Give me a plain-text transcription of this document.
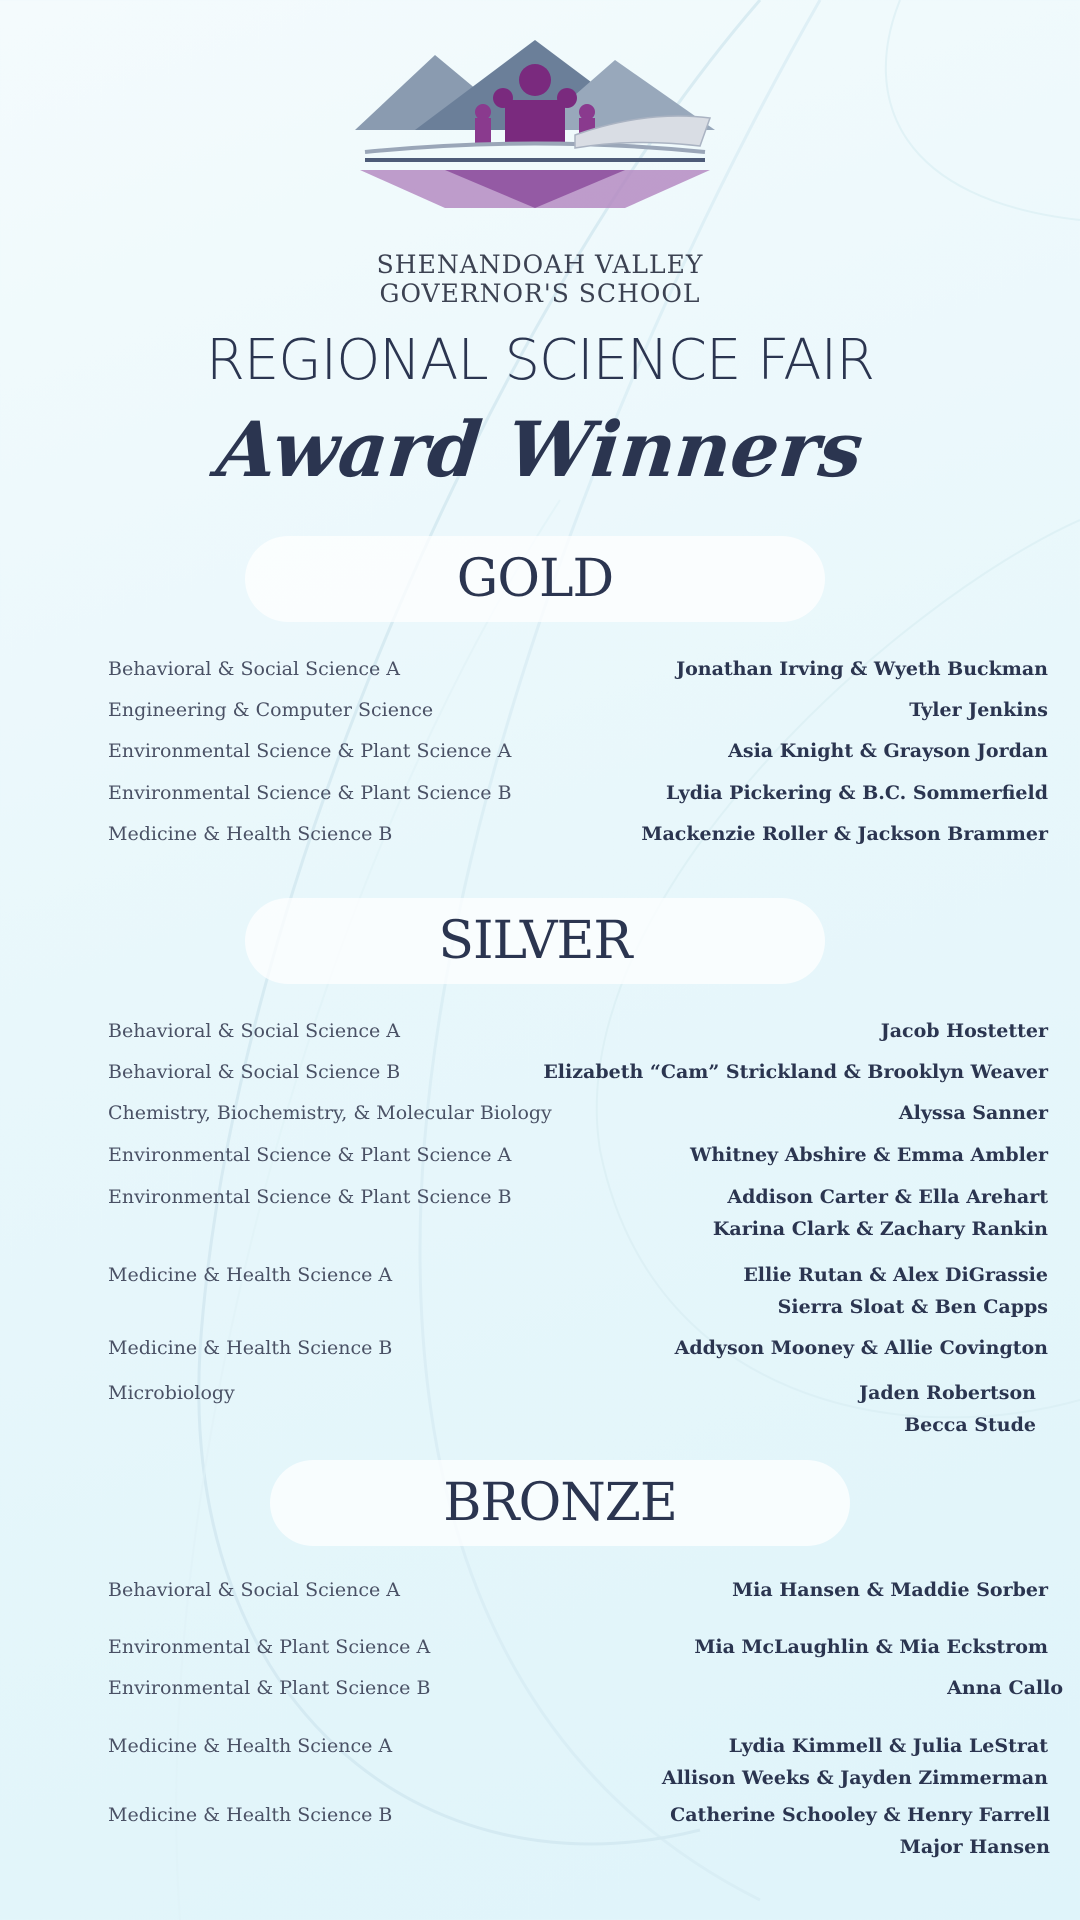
SHENANDOAH VALLEY
GOVERNOR'S SCHOOL
REGIONAL SCIENCE FAIR
Award Winners
GOLD
Behavioral & Social Science A	Jonathan Irving & Wyeth Buckman
Engineering & Computer Science	Tyler Jenkins
Environmental Science & Plant Science A	Asia Knight & Grayson Jordan
Environmental Science & Plant Science B	Lydia Pickering & B.C. Sommerfield
Medicine & Health Science B	Mackenzie Roller & Jackson Brammer
SILVER
Behavioral & Social Science A	Jacob Hostetter
Behavioral & Social Science B	Elizabeth “Cam” Strickland & Brooklyn Weaver
Chemistry, Biochemistry, & Molecular Biology	Alyssa Sanner
Environmental Science & Plant Science A	Whitney Abshire & Emma Ambler
Environmental Science & Plant Science B	Addison Carter & Ella Arehart
Karina Clark & Zachary Rankin
Medicine & Health Science A	Ellie Rutan & Alex DiGrassie
Sierra Sloat & Ben Capps
Medicine & Health Science B	Addyson Mooney & Allie Covington
Microbiology	Jaden Robertson
Becca Stude
BRONZE
Behavioral & Social Science A	Mia Hansen & Maddie Sorber
Environmental & Plant Science A	Mia McLaughlin & Mia Eckstrom
Environmental & Plant Science B	Anna Callo
Medicine & Health Science A	Lydia Kimmell & Julia LeStrat
Allison Weeks & Jayden Zimmerman
Medicine & Health Science B	Catherine Schooley & Henry Farrell
Major Hansen
